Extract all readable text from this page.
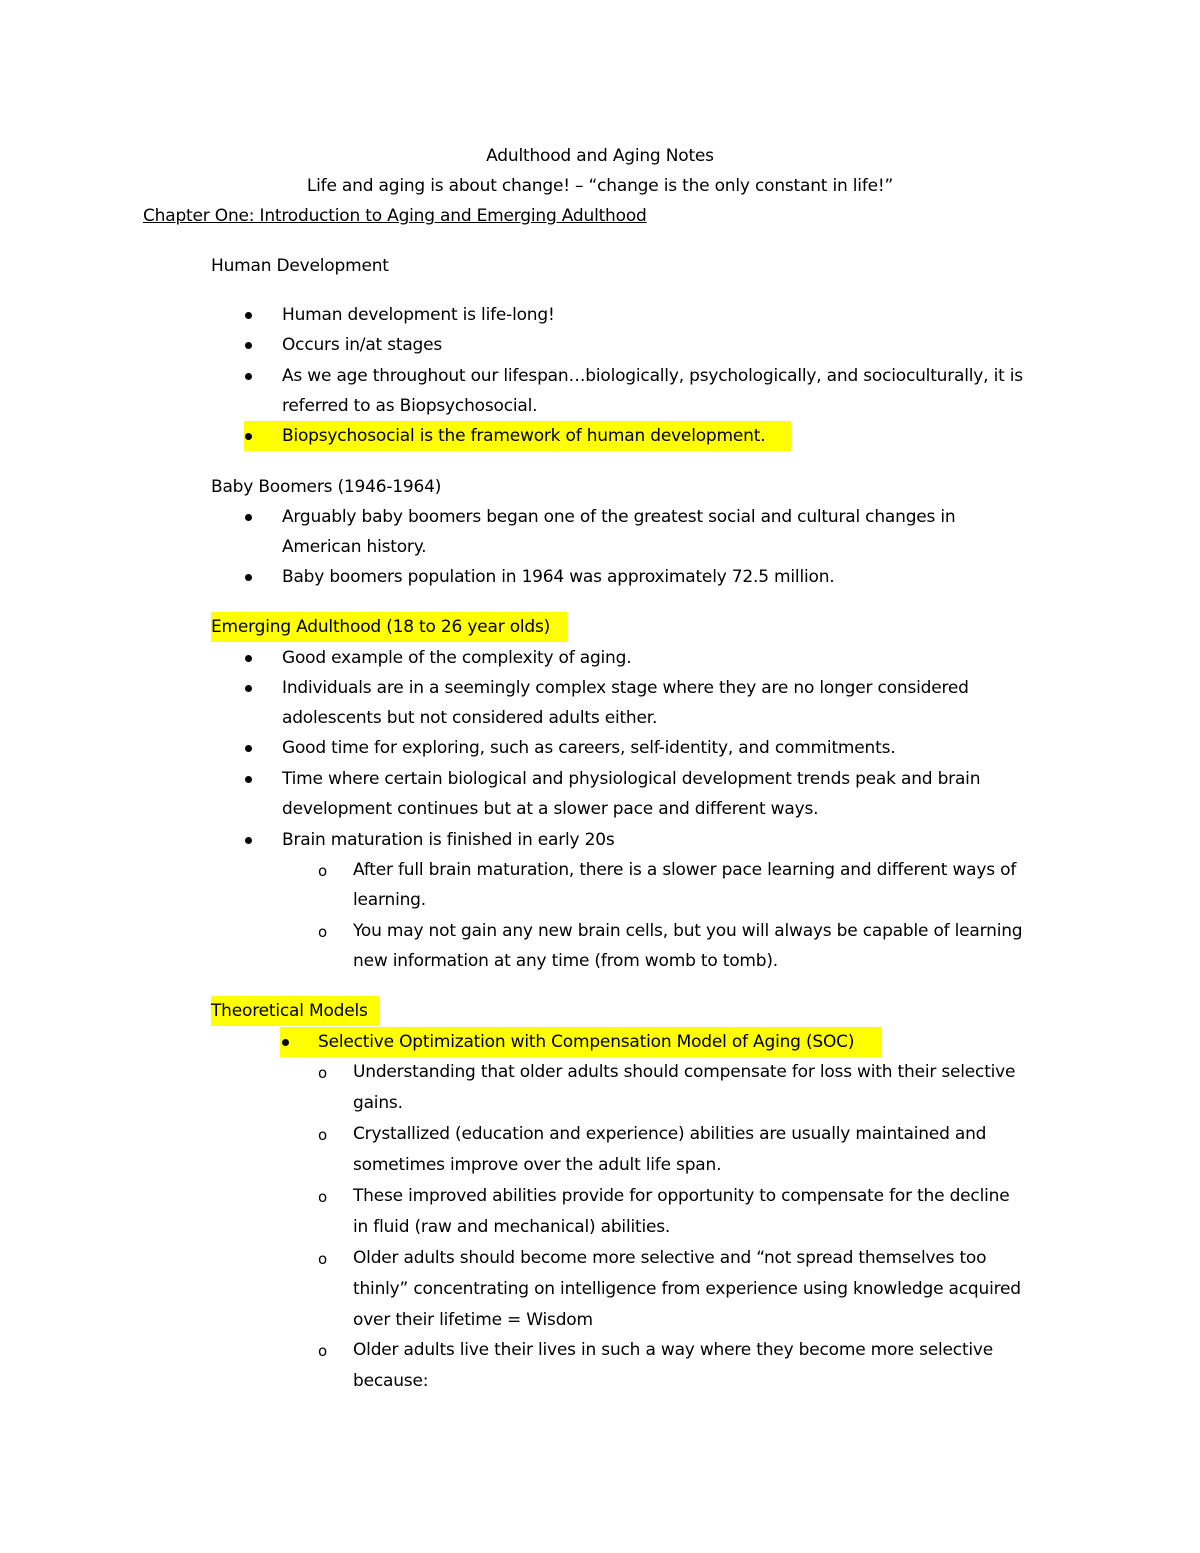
Adulthood and Aging Notes
Life and aging is about change! – “change is the only constant in life!”
Chapter One: Introduction to Aging and Emerging Adulthood
Human Development
Human development is life-long!
Occurs in/at stages
As we age throughout our lifespan…biologically, psychologically, and socioculturally, it is
referred to as Biopsychosocial.
Biopsychosocial is the framework of human development.
Baby Boomers (1946-1964)
Arguably baby boomers began one of the greatest social and cultural changes in
American history.
Baby boomers population in 1964 was approximately 72.5 million.
Emerging Adulthood (18 to 26 year olds)
Good example of the complexity of aging.
Individuals are in a seemingly complex stage where they are no longer considered
adolescents but not considered adults either.
Good time for exploring, such as careers, self-identity, and commitments.
Time where certain biological and physiological development trends peak and brain
development continues but at a slower pace and different ways.
Brain maturation is finished in early 20s
o After full brain maturation, there is a slower pace learning and different ways of
learning.
o You may not gain any new brain cells, but you will always be capable of learning
new information at any time (from womb to tomb).
Theoretical Models
Selective Optimization with Compensation Model of Aging (SOC)
o Understanding that older adults should compensate for loss with their selective
gains.
o Crystallized (education and experience) abilities are usually maintained and
sometimes improve over the adult life span.
o These improved abilities provide for opportunity to compensate for the decline
in fluid (raw and mechanical) abilities.
o Older adults should become more selective and “not spread themselves too
thinly” concentrating on intelligence from experience using knowledge acquired
over their lifetime = Wisdom
o Older adults live their lives in such a way where they become more selective
because:
